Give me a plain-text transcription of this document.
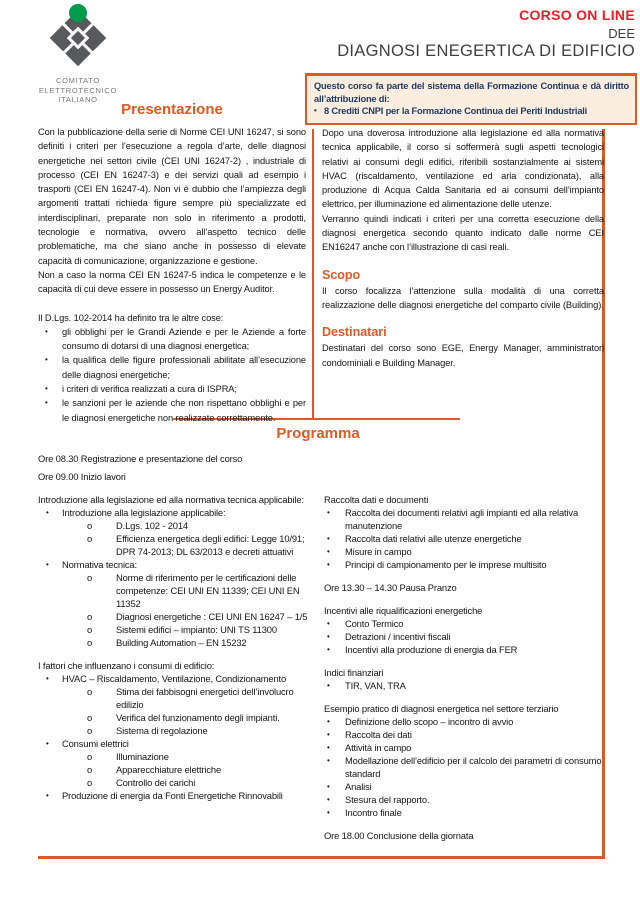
COMITATO
ELETTROTECNICO
ITALIANO
CORSO ON LINE
DEE
DIAGNOSI ENEGERTICA DI EDIFICIO
Questo corso fa parte del sistema della Formazione Continua e dà diritto all’attribuzione di:
• 8 Crediti CNPI per la Formazione Continua dei Periti Industriali
Presentazione

Con la pubblicazione della serie di Norme CEI UNI 16247, si sono definiti i criteri per l’esecuzione a regola d’arte, delle diagnosi energetiche nei settori civile (CEI UNI 16247-2) , industriale di processo (CEI EN 16247-3) e dei servizi quali ad esempio i trasporti (CEI EN 16247-4). Non vi è dubbio che l’ampiezza degli argomenti trattati richieda figure sempre più specializzate ed interdisciplinari, preparate non solo in riferimento a prodotti, tecnologie e normativa, ovvero all’aspetto tecnico delle problematiche, ma che siano anche in possesso di elevate capacità di comunicazione, organizzazione e gestione.

Non a caso la norma CEI EN 16247-5 indica le competenze e le capacità di cui deve essere in possesso un Energy Auditor.

Il D.Lgs. 102-2014 ha definito tra le altre cose:

•	gli obblighi per le Grandi Aziende e per le Aziende a forte consumo di dotarsi di una diagnosi energetica;
•	la qualifica delle figure professionali abilitate all’esecuzione delle diagnosi energetiche;
•	i criteri di verifica realizzati a cura di ISPRA;
•	le sanzioni per le aziende che non rispettano obblighi e per le diagnosi energetiche non realizzate correttamente.

Dopo una doverosa introduzione alla legislazione ed alla normativa tecnica applicabile, il corso si soffermerà sugli aspetti tecnologici relativi ai consumi degli edifici, riferibili sostanzialmente ai sistemi HVAC (riscaldamento, ventilazione ed aria condizionata), alla produzione di Acqua Calda Sanitaria ed ai consumi dell’impianto elettrico, per illuminazione ed alimentazione delle utenze.

Verranno quindi indicati i criteri per una corretta esecuzione della diagnosi energetica secondo quanto indicato dalle norme CEI EN16247 anche con l’illustrazione di casi reali.

Scopo

Il corso focalizza l’attenzione sulla modalità di una corretta realizzazione delle diagnosi energetiche del comparto civile (Building).

Destinatari

Destinatari del corso sono EGE, Energy Manager, amministratori condominiali e Building Manager.

Programma
Ore 08.30 Registrazione e presentazione del corso
Ore 09.00 Inizio lavori
Introduzione alla legislazione ed alla normativa tecnica applicabile:
•	Introduzione alla legislazione applicabile:
o	D.Lgs. 102 - 2014
o	Efficienza energetica degli edifici: Legge 10/91; DPR 74-2013; DL 63/2013 e decreti attuativi
•	Normativa tecnica:
o	Norme di riferimento per le certificazioni delle competenze: CEI UNI EN 11339; CEI UNI EN 11352
o	Diagnosi energetiche : CEI UNI EN 16247 – 1/5
o	Sistemi edifici – impianto: UNI TS 11300
o	Building Automation – EN 15232
I fattori che influenzano i consumi di edificio:
•	HVAC – Riscaldamento, Ventilazione, Condizionamento
o	Stima dei fabbisogni energetici dell’involucro edilizio
o	Verifica del funzionamento degli impianti.
o	Sistema di regolazione
•	Consumi elettrici
o	Illuminazione
o	Apparecchiature elettriche
o	Controllo dei carichi
•	Produzione di energia da Fonti Energetiche Rinnovabili
Raccolta dati e documenti
•	Raccolta dei documenti relativi agli impianti ed alla relativa manutenzione
•	Raccolta dati relativi alle utenze energetiche
•	Misure in campo
•	Principi di campionamento per le imprese multisito
Ore 13.30 – 14.30 Pausa Pranzo
Incentivi alle riqualificazioni energetiche
•	Conto Termico
•	Detrazioni / incentivi fiscali
•	Incentivi alla produzione di energia da FER
Indici finanziari
•	TIR, VAN, TRA
Esempio pratico di diagnosi energetica nel settore terziario
•	Definizione dello scopo – incontro di avvio
•	Raccolta dei dati
•	Attività in campo
•	Modellazione dell’edificio per il calcolo dei parametri di consumo standard
•	Analisi
•	Stesura del rapporto.
•	Incontro finale
Ore 18.00 Conclusione della giornata
